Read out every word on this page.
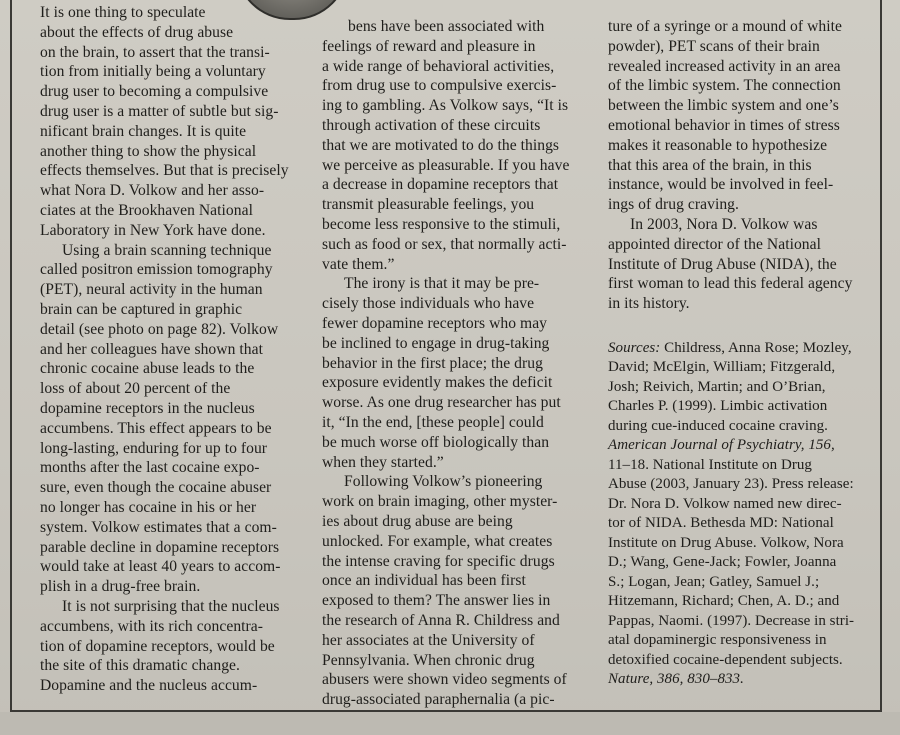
It is one thing to speculate
about the effects of drug abuse
on the brain, to assert that the transi-
tion from initially being a voluntary
drug user to becoming a compulsive
drug user is a matter of subtle but sig-
nificant brain changes. It is quite
another thing to show the physical
effects themselves. But that is precisely
what Nora D. Volkow and her asso-
ciates at the Brookhaven National
Laboratory in New York have done.
Using a brain scanning technique
called positron emission tomography
(PET), neural activity in the human
brain can be captured in graphic
detail (see photo on page 82). Volkow
and her colleagues have shown that
chronic cocaine abuse leads to the
loss of about 20 percent of the
dopamine receptors in the nucleus
accumbens. This effect appears to be
long-lasting, enduring for up to four
months after the last cocaine expo-
sure, even though the cocaine abuser
no longer has cocaine in his or her
system. Volkow estimates that a com-
parable decline in dopamine receptors
would take at least 40 years to accom-
plish in a drug-free brain.
It is not surprising that the nucleus
accumbens, with its rich concentra-
tion of dopamine receptors, would be
the site of this dramatic change.
Dopamine and the nucleus accum-
bens have been associated with
feelings of reward and pleasure in
a wide range of behavioral activities,
from drug use to compulsive exercis-
ing to gambling. As Volkow says, “It is
through activation of these circuits
that we are motivated to do the things
we perceive as pleasurable. If you have
a decrease in dopamine receptors that
transmit pleasurable feelings, you
become less responsive to the stimuli,
such as food or sex, that normally acti-
vate them.”
The irony is that it may be pre-
cisely those individuals who have
fewer dopamine receptors who may
be inclined to engage in drug-taking
behavior in the first place; the drug
exposure evidently makes the deficit
worse. As one drug researcher has put
it, “In the end, [these people] could
be much worse off biologically than
when they started.”
Following Volkow’s pioneering
work on brain imaging, other myster-
ies about drug abuse are being
unlocked. For example, what creates
the intense craving for specific drugs
once an individual has been first
exposed to them? The answer lies in
the research of Anna R. Childress and
her associates at the University of
Pennsylvania. When chronic drug
abusers were shown video segments of
drug-associated paraphernalia (a pic-
ture of a syringe or a mound of white
powder), PET scans of their brain
revealed increased activity in an area
of the limbic system. The connection
between the limbic system and one’s
emotional behavior in times of stress
makes it reasonable to hypothesize
that this area of the brain, in this
instance, would be involved in feel-
ings of drug craving.
In 2003, Nora D. Volkow was
appointed director of the National
Institute of Drug Abuse (NIDA), the
first woman to lead this federal agency
in its history.
Sources: Childress, Anna Rose; Mozley,
David; McElgin, William; Fitzgerald,
Josh; Reivich, Martin; and O’Brian,
Charles P. (1999). Limbic activation
during cue-induced cocaine craving.
American Journal of Psychiatry, 156,
11–18. National Institute on Drug
Abuse (2003, January 23). Press release:
Dr. Nora D. Volkow named new direc-
tor of NIDA. Bethesda MD: National
Institute on Drug Abuse. Volkow, Nora
D.; Wang, Gene-Jack; Fowler, Joanna
S.; Logan, Jean; Gatley, Samuel J.;
Hitzemann, Richard; Chen, A. D.; and
Pappas, Naomi. (1997). Decrease in stri-
atal dopaminergic responsiveness in
detoxified cocaine-dependent subjects.
Nature, 386, 830–833.
